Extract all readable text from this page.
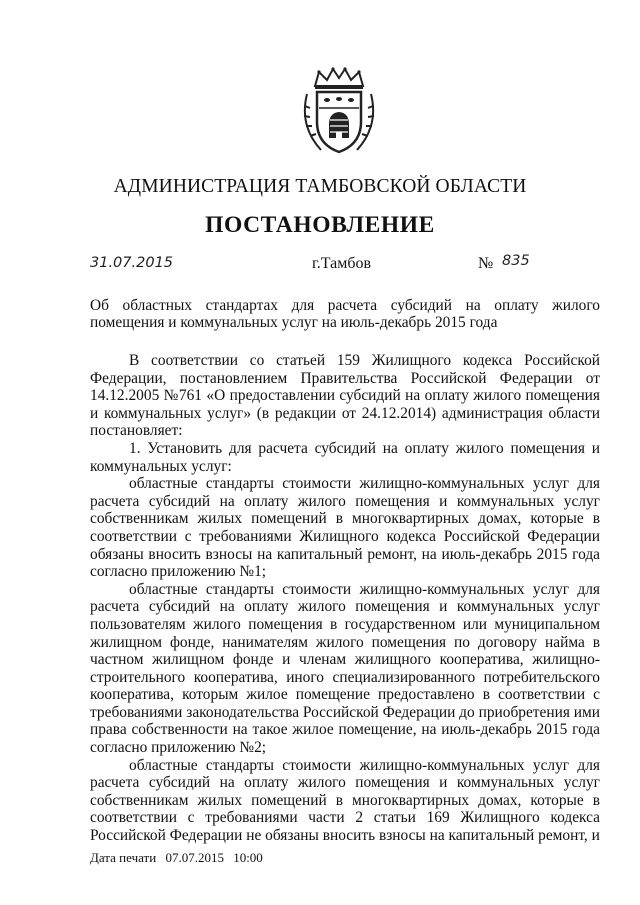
АДМИНИСТРАЦИЯ ТАМБОВСКОЙ ОБЛАСТИ
ПОСТАНОВЛЕНИЕ
31.07.2015	г.Тамбов	№ 835
Об областных стандартах для расчета субсидий на оплату жилого помещения и коммунальных услуг на июль-декабрь 2015 года

В соответствии со статьей 159 Жилищного кодекса Российской Федерации, постановлением Правительства Российской Федерации от 14.12.2005 №761 «О предоставлении субсидий на оплату жилого помещения и коммунальных услуг» (в редакции от 24.12.2014) администрация области постановляет:

1. Установить для расчета субсидий на оплату жилого помещения и коммунальных услуг:

областные стандарты стоимости жилищно-коммунальных услуг для расчета субсидий на оплату жилого помещения и коммунальных услуг собственникам жилых помещений в многоквартирных домах, которые в соответствии с требованиями Жилищного кодекса Российской Федерации обязаны вносить взносы на капитальный ремонт, на июль-декабрь 2015 года согласно приложению №1;

областные стандарты стоимости жилищно-коммунальных услуг для расчета субсидий на оплату жилого помещения и коммунальных услуг пользователям жилого помещения в государственном или муниципальном жилищном фонде, нанимателям жилого помещения по договору найма в частном жилищном фонде и членам жилищного кооператива, жилищно-строительного кооператива, иного специализированного потребительского кооператива, которым жилое помещение предоставлено в соответствии с требованиями законодательства Российской Федерации до приобретения ими права собственности на такое жилое помещение, на июль-декабрь 2015 года согласно приложению №2;

областные стандарты стоимости жилищно-коммунальных услуг для расчета субсидий на оплату жилого помещения и коммунальных услуг собственникам жилых помещений в многоквартирных домах, которые в соответствии с требованиями части 2 статьи 169 Жилищного кодекса Российской Федерации не обязаны вносить взносы на капитальный ремонт, и

Дата печати 07.07.2015 10:00
